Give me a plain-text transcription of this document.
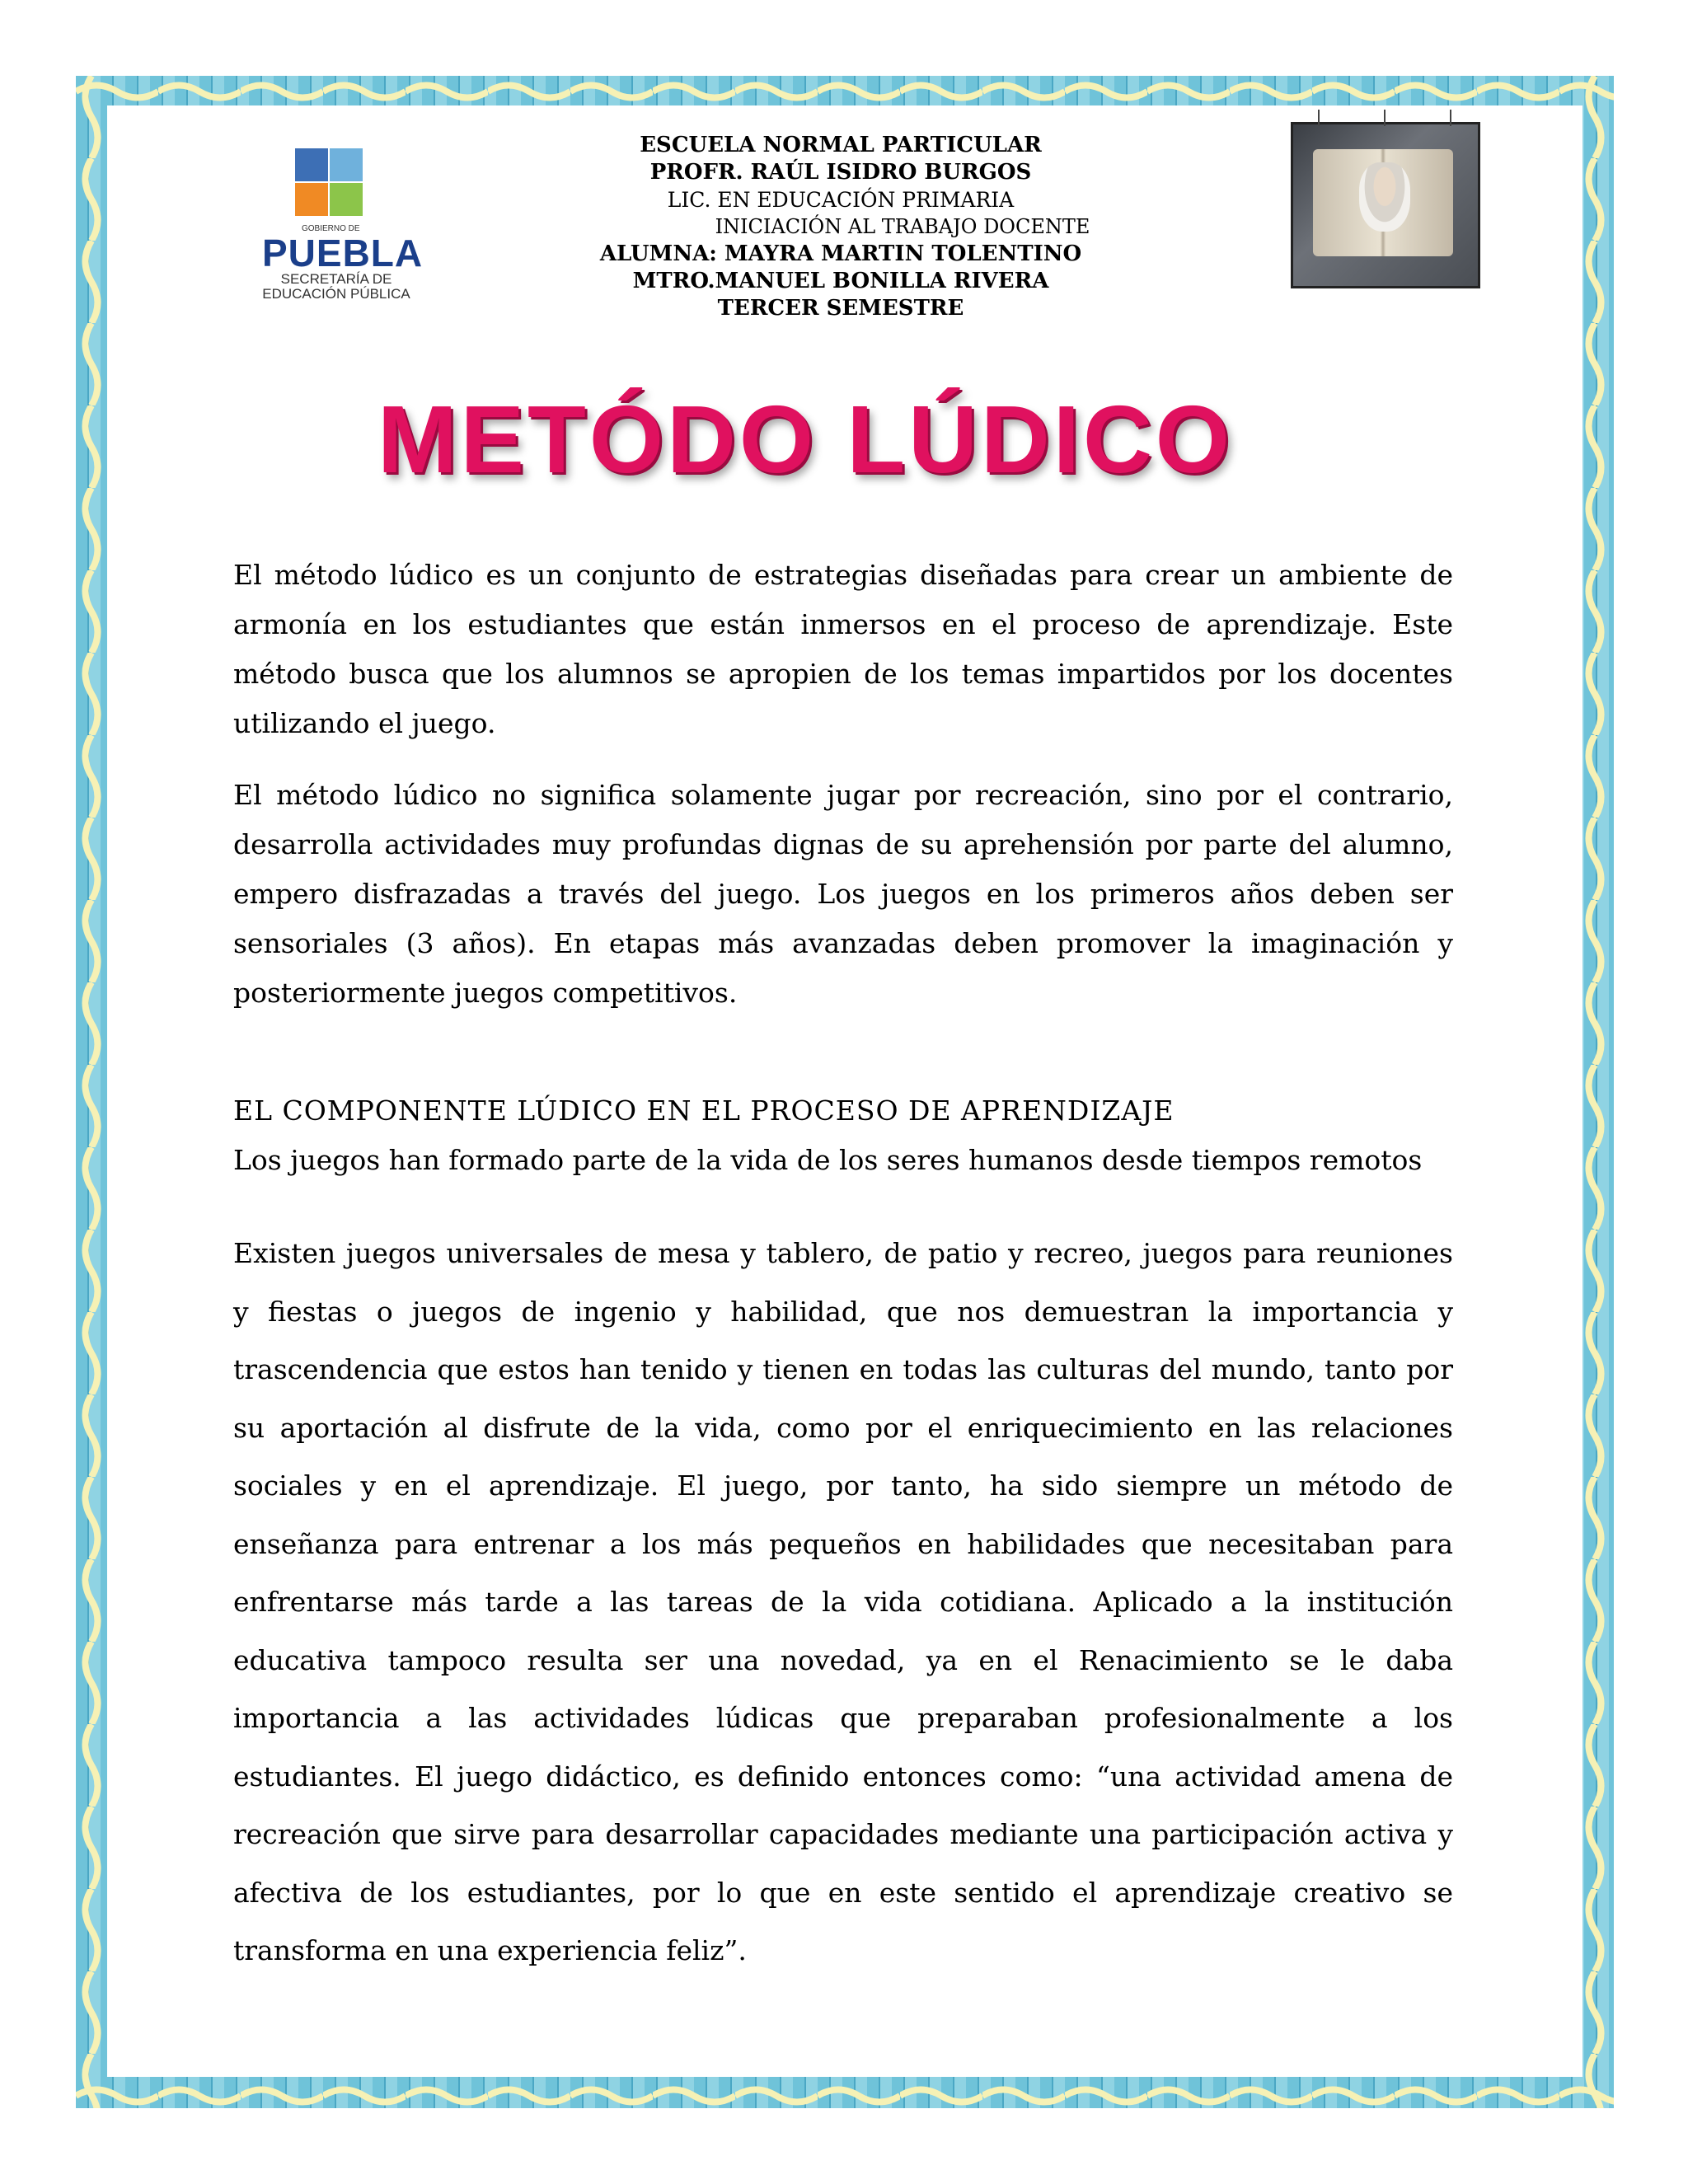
GOBIERNO DE
PUEBLA
SECRETARÍA DE
EDUCACIÓN PÚBLICA
ESCUELA NORMAL PARTICULAR
PROFR. RAÚL ISIDRO BURGOS
LIC. EN EDUCACIÓN PRIMARIA
INICIACIÓN AL TRABAJO DOCENTE
ALUMNA: MAYRA MARTIN TOLENTINO
MTRO.MANUEL BONILLA RIVERA
TERCER SEMESTRE
METÓDO LÚDICO
El método lúdico es un conjunto de estrategias diseñadas para crear un ambiente de armonía en los estudiantes que están inmersos en el proceso de aprendizaje. Este método busca que los alumnos se apropien de los temas impartidos por los docentes utilizando el juego.
El método lúdico no significa solamente jugar por recreación, sino por el contrario, desarrolla actividades muy profundas dignas de su aprehensión por parte del alumno, empero disfrazadas a través del juego. Los juegos en los primeros años deben ser sensoriales (3 años). En etapas más avanzadas deben promover la imaginación y posteriormente juegos competitivos.
EL COMPONENTE LÚDICO EN EL PROCESO DE APRENDIZAJE
Los juegos han formado parte de la vida de los seres humanos desde tiempos remotos
Existen juegos universales de mesa y tablero, de patio y recreo, juegos para reuniones y fiestas o juegos de ingenio y habilidad, que nos demuestran la importancia y trascendencia que estos han tenido y tienen en todas las culturas del mundo, tanto por su aportación al disfrute de la vida, como por el enriquecimiento en las relaciones sociales y en el aprendizaje. El juego, por tanto, ha sido siempre un método de enseñanza para entrenar a los más pequeños en habilidades que necesitaban para enfrentarse más tarde a las tareas de la vida cotidiana. Aplicado a la institución educativa tampoco resulta ser una novedad, ya en el Renacimiento se le daba importancia a las actividades lúdicas que preparaban profesionalmente a los estudiantes. El juego didáctico, es definido entonces como: “una actividad amena de recreación que sirve para desarrollar capacidades mediante una participación activa y afectiva de los estudiantes, por lo que en este sentido el aprendizaje creativo se transforma en una experiencia feliz”.
